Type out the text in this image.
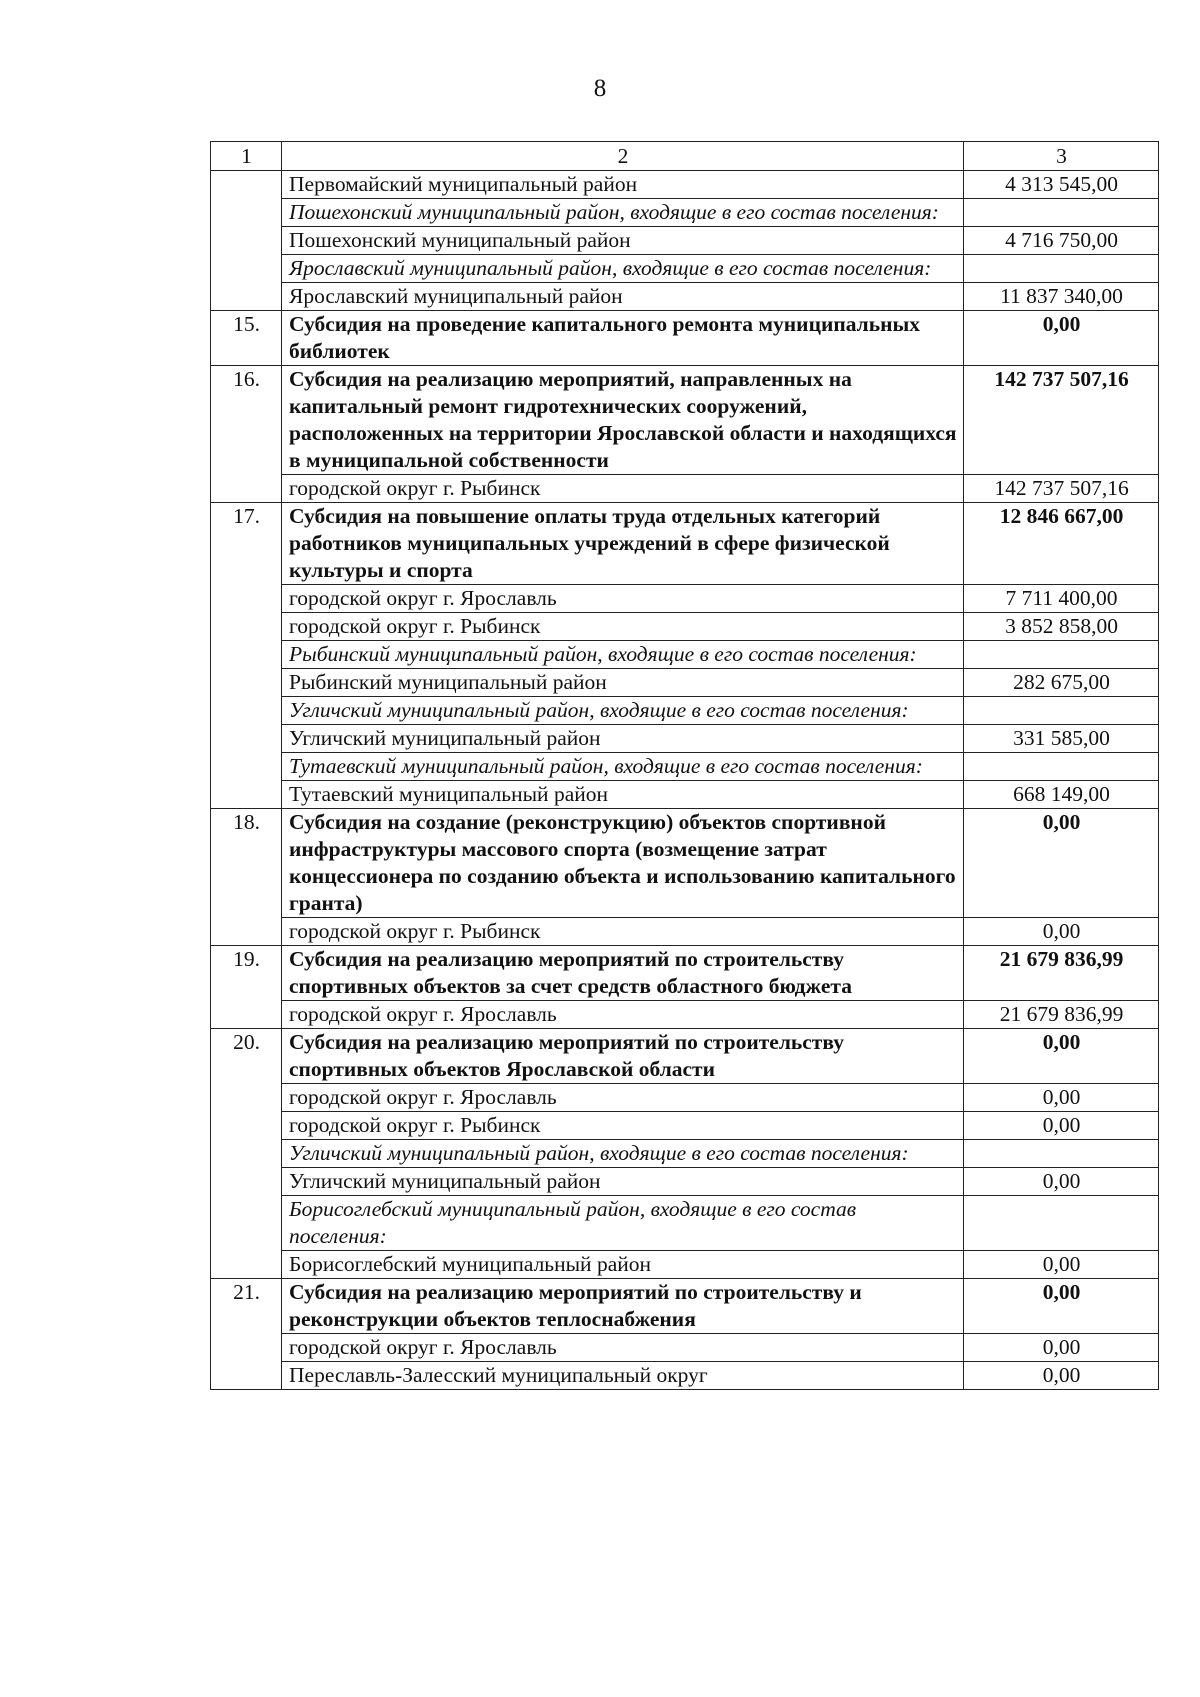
8
1	2	3
	Первомайский муниципальный район	4 313 545,00
	Пошехонский муниципальный район, входящие в его состав поселения:	
	Пошехонский муниципальный район	4 716 750,00
	Ярославский муниципальный район, входящие в его состав поселения:	
	Ярославский муниципальный район	11 837 340,00
15.	Субсидия на проведение капитального ремонта муниципальных библиотек	0,00
16.	Субсидия на реализацию мероприятий, направленных на капитальный ремонт гидротехнических сооружений, расположенных на территории Ярославской области и находящихся в муниципальной собственности	142 737 507,16
	городской округ г. Рыбинск	142 737 507,16
17.	Субсидия на повышение оплаты труда отдельных категорий работников муниципальных учреждений в сфере физической культуры и спорта	12 846 667,00
	городской округ г. Ярославль	7 711 400,00
	городской округ г. Рыбинск	3 852 858,00
	Рыбинский муниципальный район, входящие в его состав поселения:	
	Рыбинский муниципальный район	282 675,00
	Угличский муниципальный район, входящие в его состав поселения:	
	Угличский муниципальный район	331 585,00
	Тутаевский муниципальный район, входящие в его состав поселения:	
	Тутаевский муниципальный район	668 149,00
18.	Субсидия на создание (реконструкцию) объектов спортивной инфраструктуры массового спорта (возмещение затрат концессионера по созданию объекта и использованию капитального гранта)	0,00
	городской округ г. Рыбинск	0,00
19.	Субсидия на реализацию мероприятий по строительству спортивных объектов за счет средств областного бюджета	21 679 836,99
	городской округ г. Ярославль	21 679 836,99
20.	Субсидия на реализацию мероприятий по строительству спортивных объектов Ярославской области	0,00
	городской округ г. Ярославль	0,00
	городской округ г. Рыбинск	0,00
	Угличский муниципальный район, входящие в его состав поселения:	
	Угличский муниципальный район	0,00
	Борисоглебский муниципальный район, входящие в его состав поселения:	
	Борисоглебский муниципальный район	0,00
21.	Субсидия на реализацию мероприятий по строительству и реконструкции объектов теплоснабжения	0,00
	городской округ г. Ярославль	0,00
	Переславль-Залесский муниципальный округ	0,00
